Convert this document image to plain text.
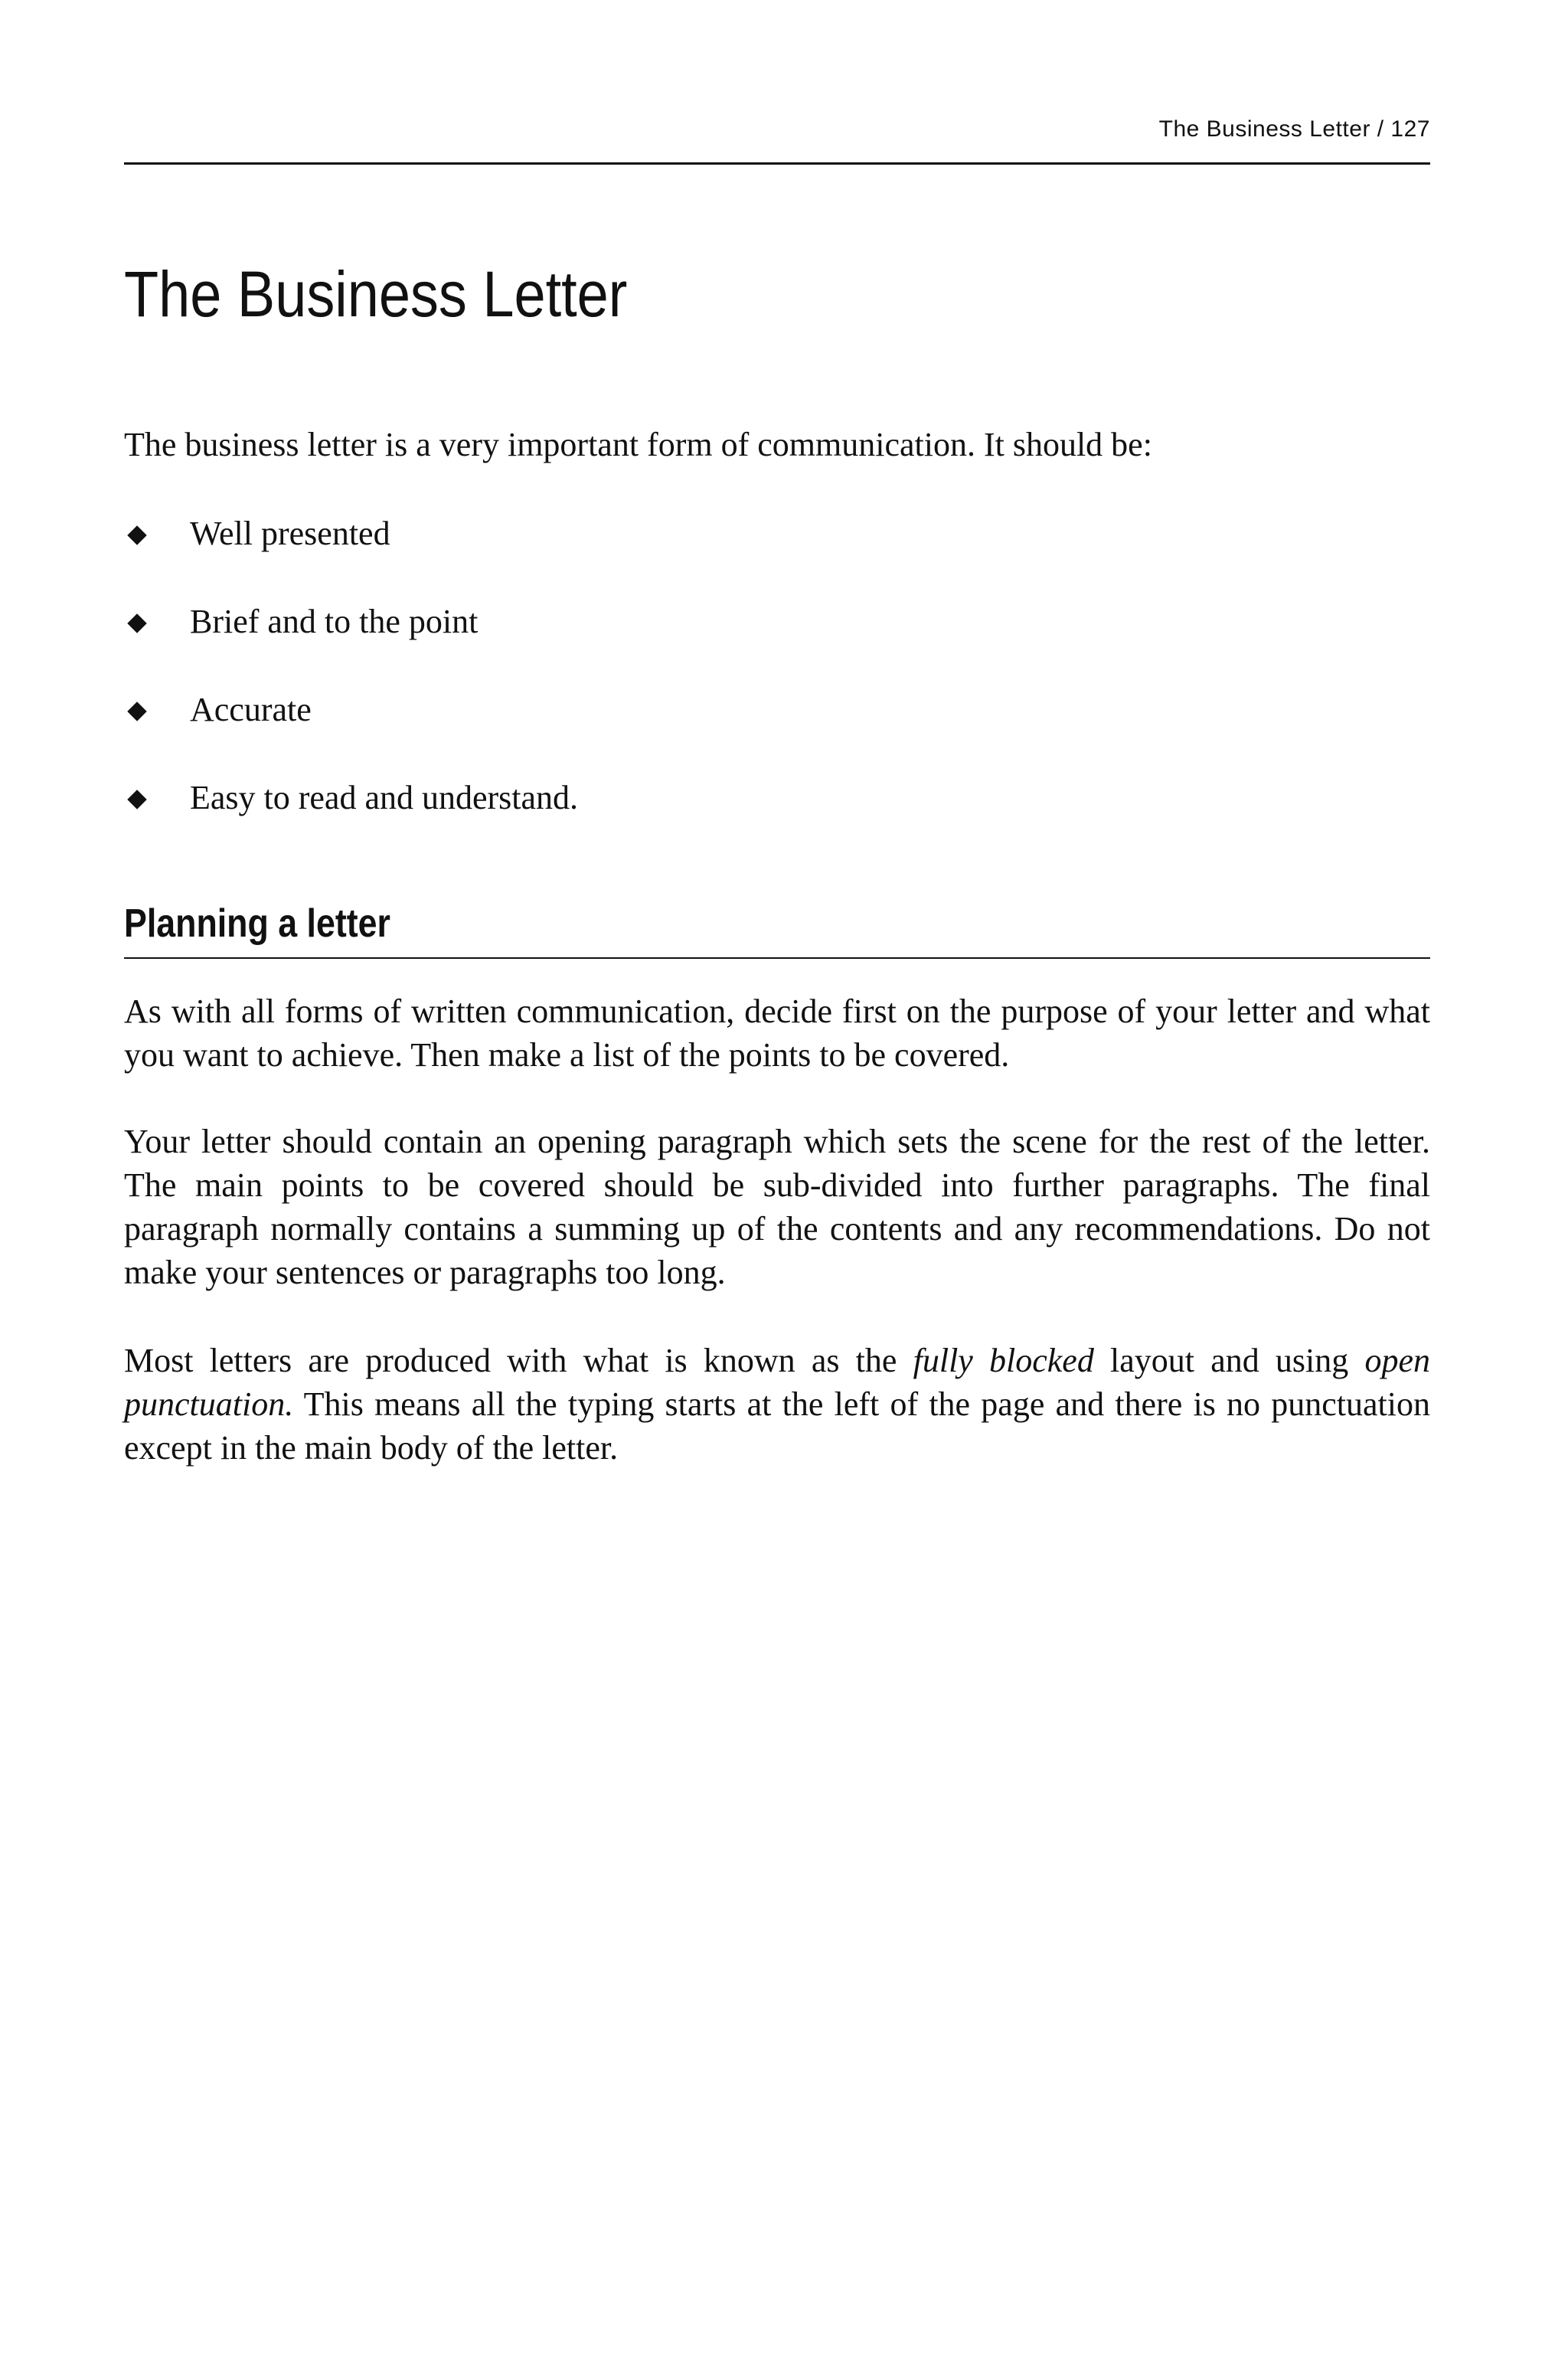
The Business Letter / 127
The Business Letter

The business letter is a very important form of communication. It should be:

Well presented
Brief and to the point
Accurate
Easy to read and understand.
Planning a letter

As with all forms of written communication, decide first on the purpose of your letter and what you want to achieve. Then make a list of the points to be covered.

Your letter should contain an opening paragraph which sets the scene for the rest of the letter. The main points to be covered should be sub-divided into further paragraphs. The final paragraph normally contains a summing up of the contents and any recommendations. Do not make your sentences or paragraphs too long.

Most letters are produced with what is known as the fully blocked layout and using open punctuation. This means all the typing starts at the left of the page and there is no punctuation except in the main body of the letter.
